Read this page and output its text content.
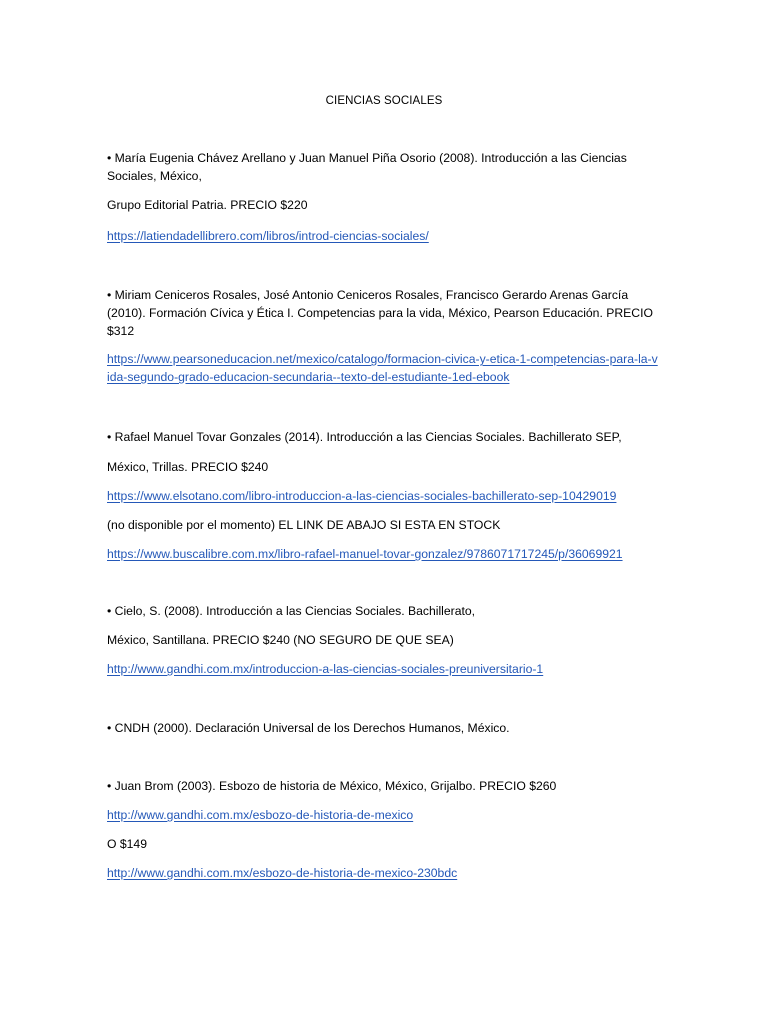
CIENCIAS SOCIALES
• María Eugenia Chávez Arellano y Juan Manuel Piña Osorio (2008). Introducción a las Ciencias Sociales, México,
Grupo Editorial Patria. PRECIO $220
https://latiendadellibrero.com/libros/introd-ciencias-sociales/
• Miriam Ceniceros Rosales, José Antonio Ceniceros Rosales, Francisco Gerardo Arenas García (2010). Formación Cívica y Ética I. Competencias para la vida, México, Pearson Educación. PRECIO $312
https://www.pearsoneducacion.net/mexico/catalogo/formacion-civica-y-etica-1-competencias-para-la-vida-segundo-grado-educacion-secundaria--texto-del-estudiante-1ed-ebook
• Rafael Manuel Tovar Gonzales (2014). Introducción a las Ciencias Sociales. Bachillerato SEP,
México, Trillas. PRECIO $240
https://www.elsotano.com/libro-introduccion-a-las-ciencias-sociales-bachillerato-sep-10429019
(no disponible por el momento) EL LINK DE ABAJO SI ESTA EN STOCK
https://www.buscalibre.com.mx/libro-rafael-manuel-tovar-gonzalez/9786071717245/p/36069921
• Cielo, S. (2008). Introducción a las Ciencias Sociales. Bachillerato,
México, Santillana. PRECIO $240 (NO SEGURO DE QUE SEA)
http://www.gandhi.com.mx/introduccion-a-las-ciencias-sociales-preuniversitario-1
• CNDH (2000). Declaración Universal de los Derechos Humanos, México.
• Juan Brom (2003). Esbozo de historia de México, México, Grijalbo. PRECIO $260
http://www.gandhi.com.mx/esbozo-de-historia-de-mexico
O $149
http://www.gandhi.com.mx/esbozo-de-historia-de-mexico-230bdc
